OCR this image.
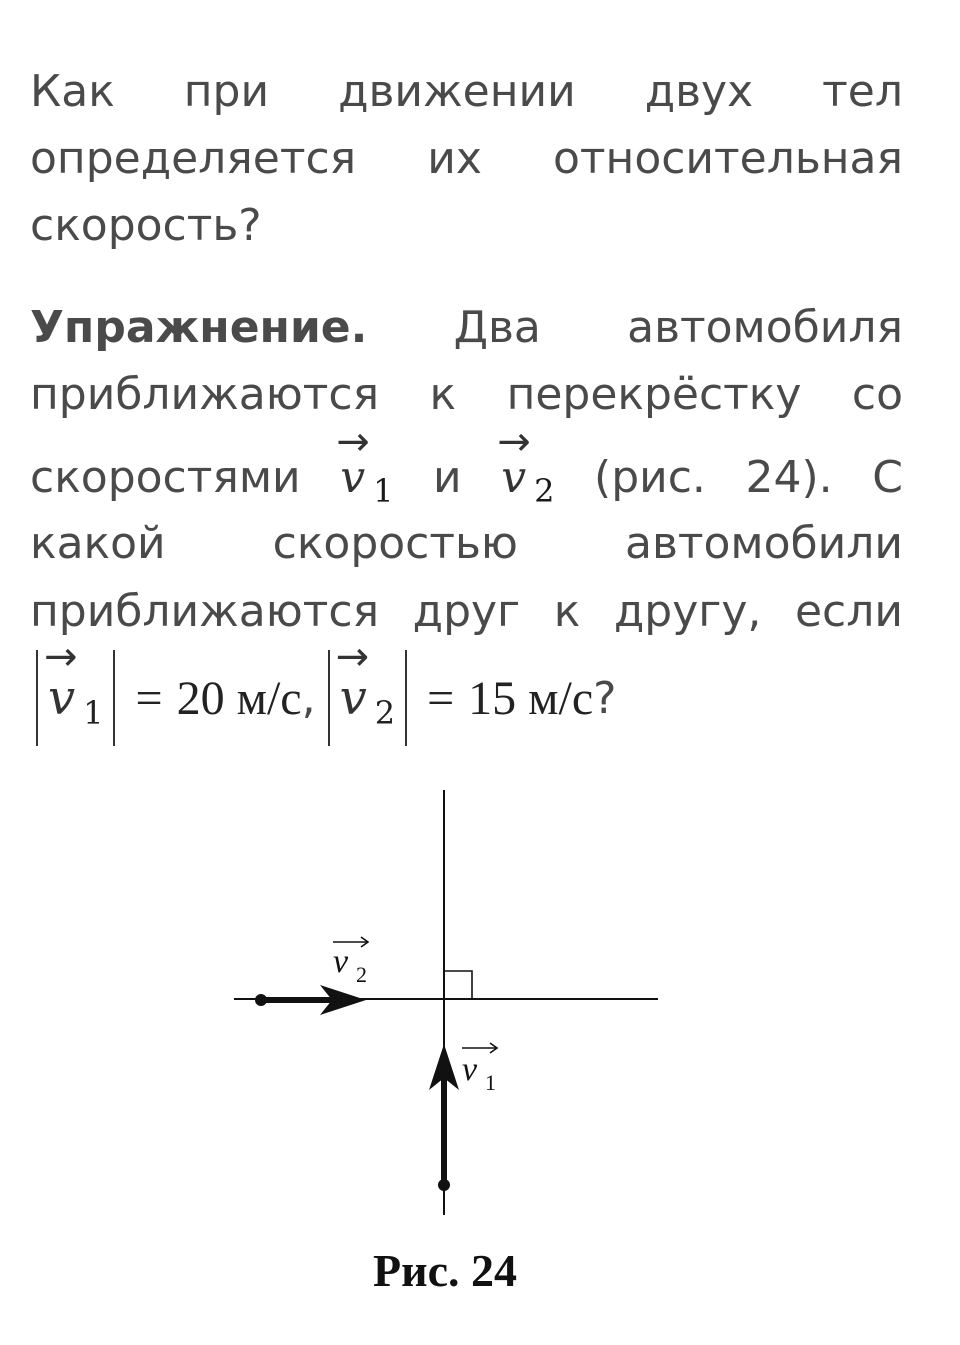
Как при движении двух тел
определяется их относительная
скорость?
Упражнение. Два автомобиля
приближаются к перекрёстку со
скоростями
→
v $_1$ и
→
v $_2$ (рис. 24). С
какой скоростью автомобили
приближаются друг к другу, если
→
v $_1$ = 20 м/с ,
→
v $_2$ = 15 м/с ?
v 2
v 1
Рис. 24
